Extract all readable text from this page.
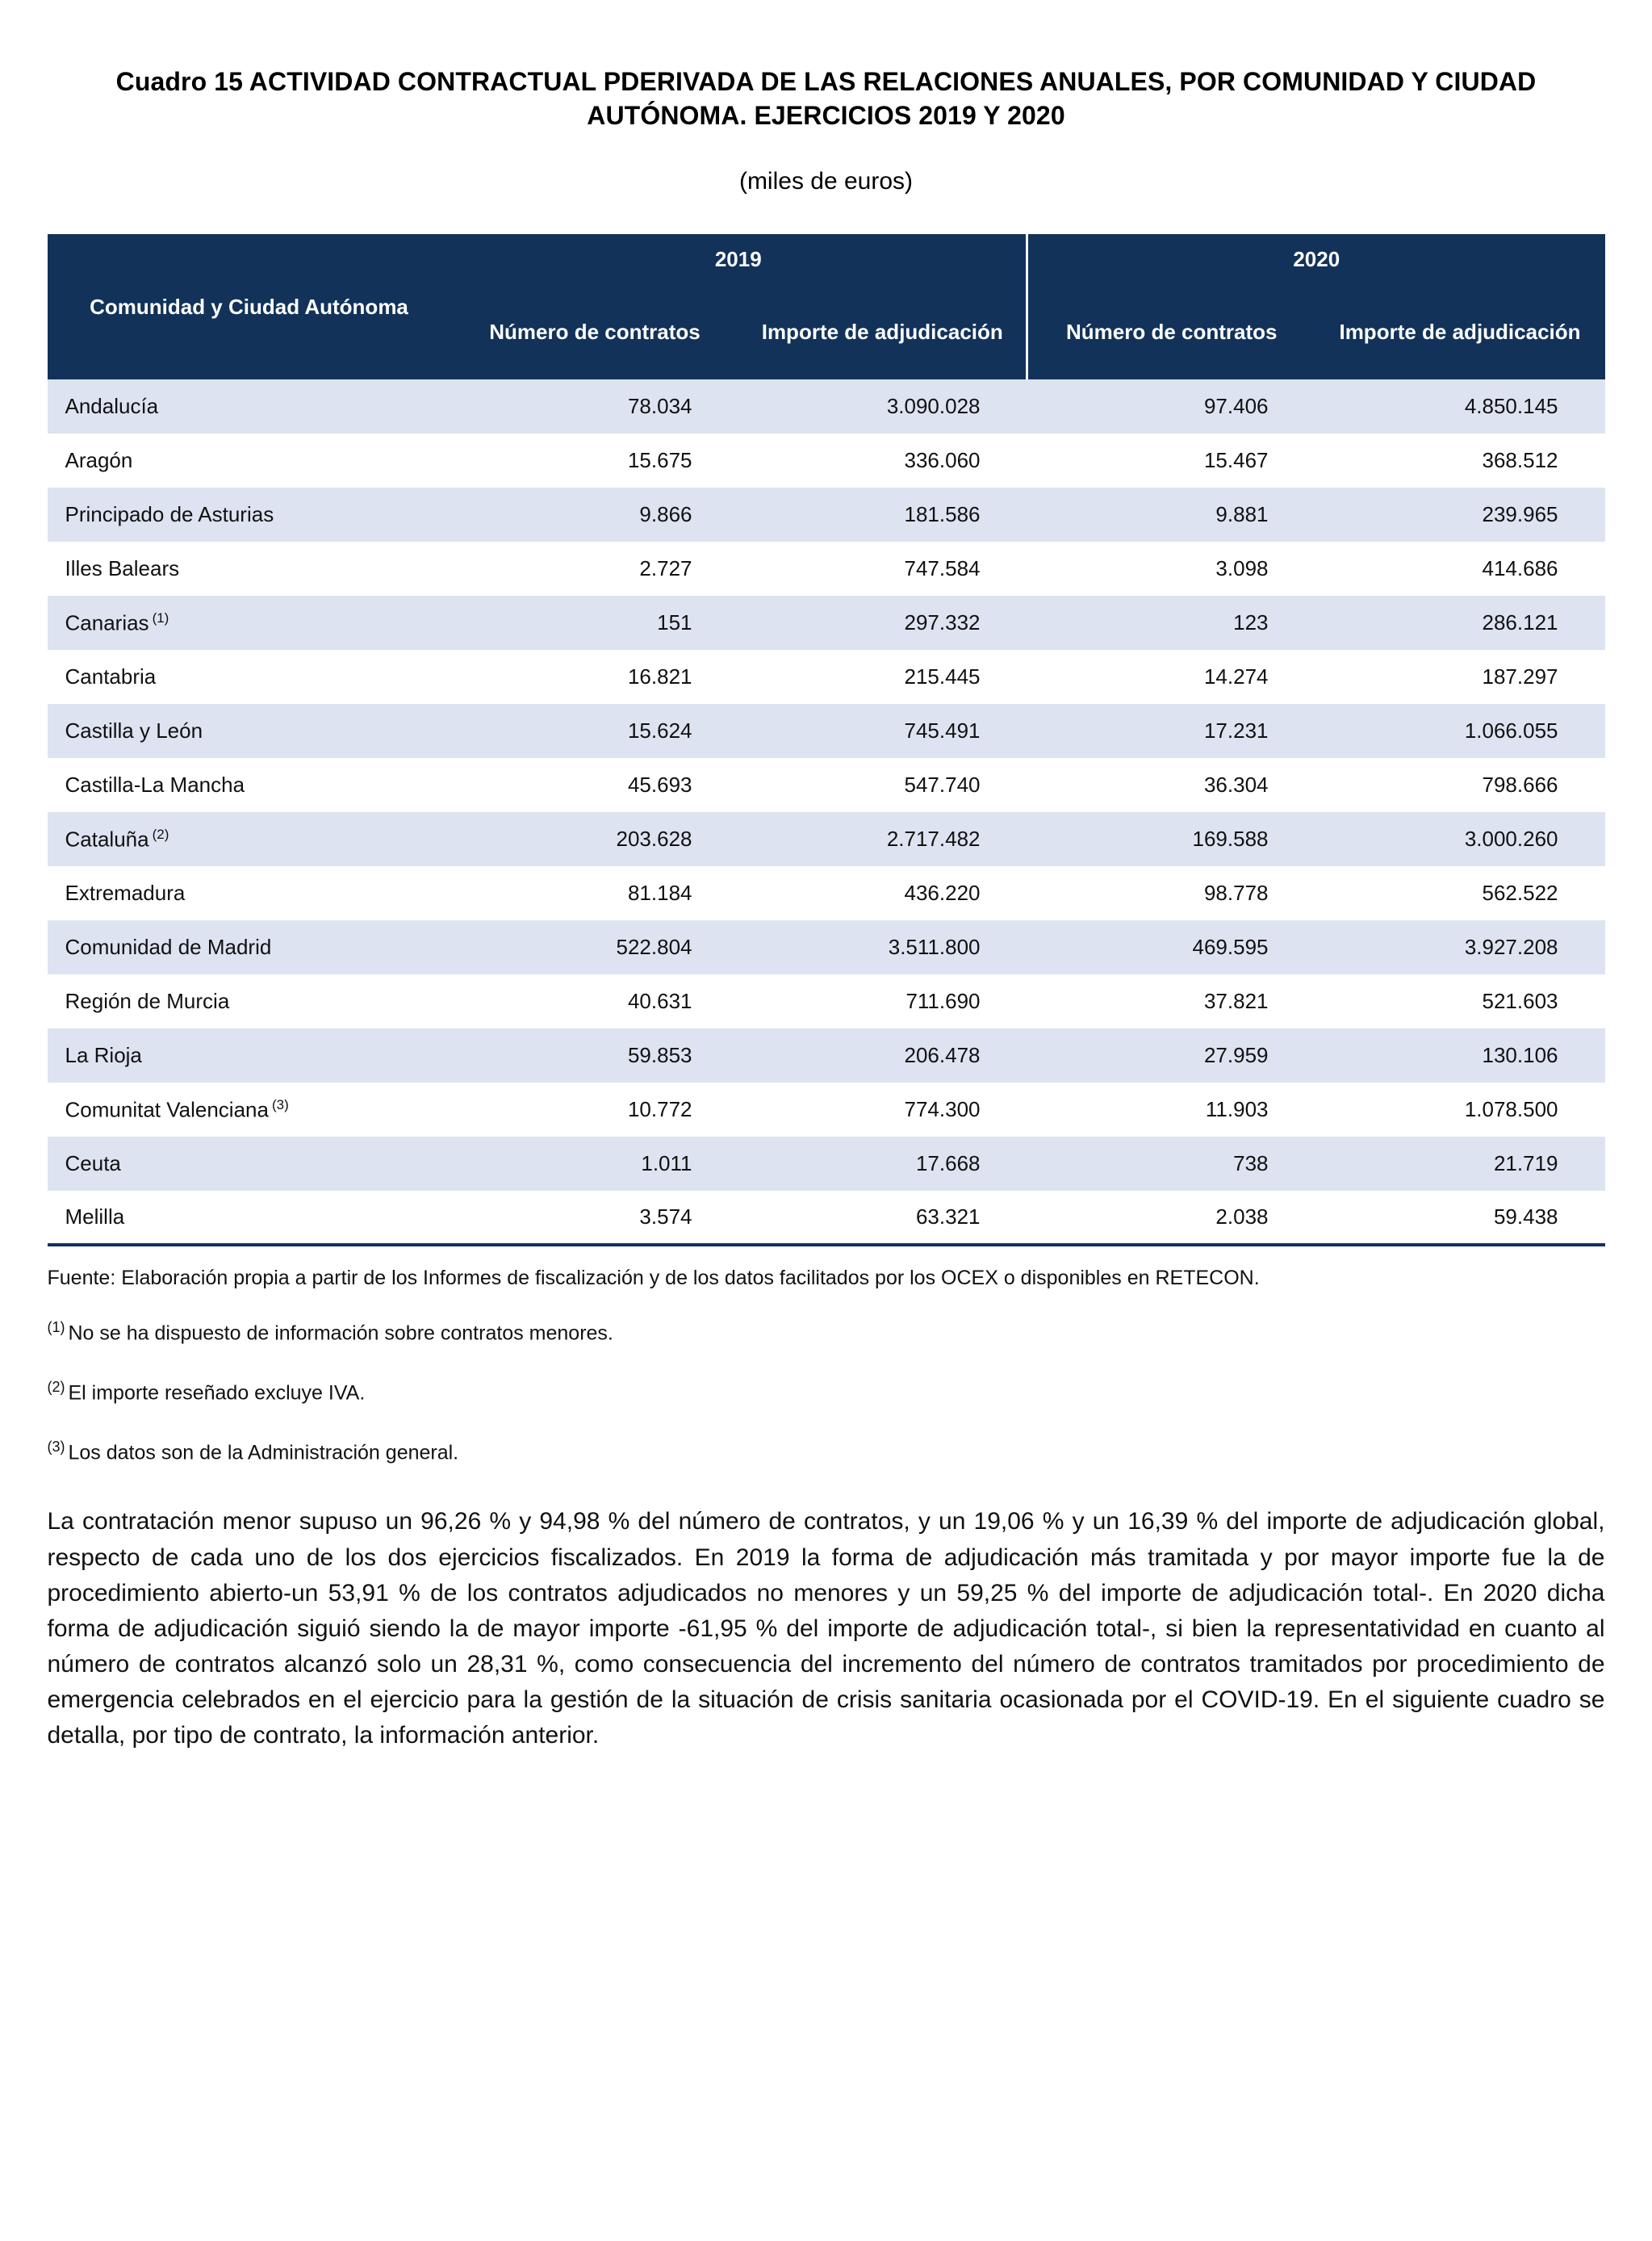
Cuadro 15 ACTIVIDAD CONTRACTUAL PDERIVADA DE LAS RELACIONES ANUALES, POR COMUNIDAD Y CIUDAD AUTÓNOMA. EJERCICIOS 2019 Y 2020
(miles de euros)
Comunidad y Ciudad Autónoma	2019		2020	
	Número de contratos	Importe de adjudicación	Número de contratos	Importe de adjudicación
Andalucía	78.034	3.090.028	97.406	4.850.145
Aragón	15.675	336.060	15.467	368.512
Principado de Asturias	9.866	181.586	9.881	239.965
Illes Balears	2.727	747.584	3.098	414.686
Canarias $^{(1)}$	151	297.332	123	286.121
Cantabria	16.821	215.445	14.274	187.297
Castilla y León	15.624	745.491	17.231	1.066.055
Castilla-La Mancha	45.693	547.740	36.304	798.666
Cataluña $^{(2)}$	203.628	2.717.482	169.588	3.000.260
Extremadura	81.184	436.220	98.778	562.522
Comunidad de Madrid	522.804	3.511.800	469.595	3.927.208
Región de Murcia	40.631	711.690	37.821	521.603
La Rioja	59.853	206.478	27.959	130.106
Comunitat Valenciana $^{(3)}$	10.772	774.300	11.903	1.078.500
Ceuta	1.011	17.668	738	21.719
Melilla	3.574	63.321	2.038	59.438
Fuente: Elaboración propia a partir de los Informes de fiscalización y de los datos facilitados por los OCEX o disponibles en RETECON.
$^{(1)}$ No se ha dispuesto de información sobre contratos menores.
$^{(2)}$ El importe reseñado excluye IVA.
$^{(3)}$ Los datos son de la Administración general.
La contratación menor supuso un 96,26 % y 94,98 % del número de contratos, y un 19,06 % y un 16,39 % del importe de adjudicación global, respecto de cada uno de los dos ejercicios fiscalizados. En 2019 la forma de adjudicación más tramitada y por mayor importe fue la de procedimiento abierto-un 53,91 % de los contratos adjudicados no menores y un 59,25 % del importe de adjudicación total-. En 2020 dicha forma de adjudicación siguió siendo la de mayor importe -61,95 % del importe de adjudicación total-, si bien la representatividad en cuanto al número de contratos alcanzó solo un 28,31 %, como consecuencia del incremento del número de contratos tramitados por procedimiento de emergencia celebrados en el ejercicio para la gestión de la situación de crisis sanitaria ocasionada por el COVID-19. En el siguiente cuadro se detalla, por tipo de contrato, la información anterior.
